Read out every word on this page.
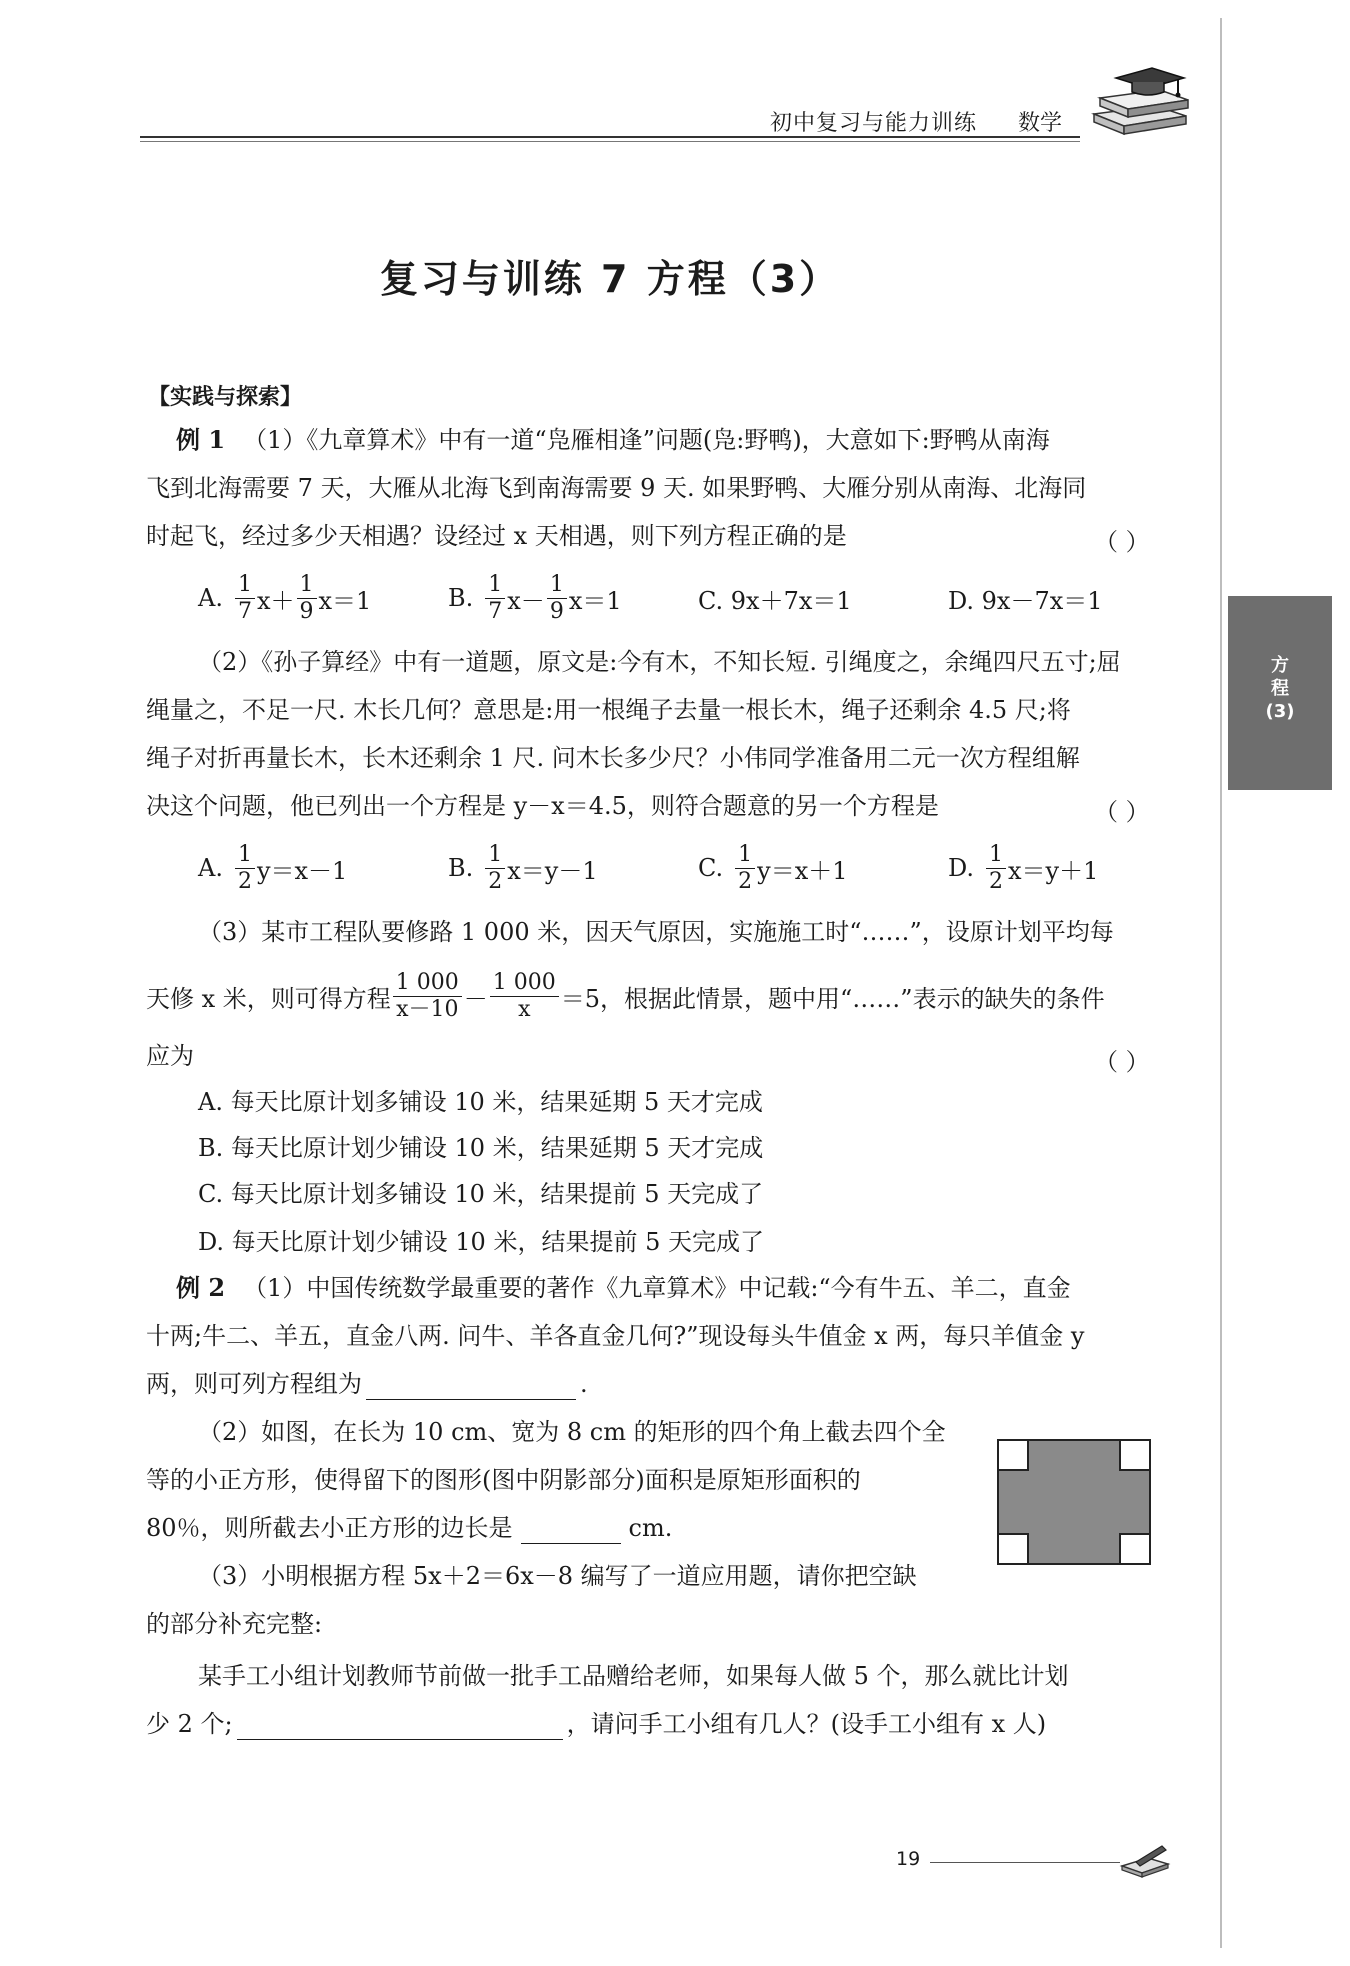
初中复习与能力训练 数学
复习与训练 7 方程（3）
【实践与探索】
方
程
(3)
例 1 （1）《九章算术》中有一道“凫雁相逢”问题(凫:野鸭)，大意如下:野鸭从南海
飞到北海需要 7 天，大雁从北海飞到南海需要 9 天. 如果野鸭、大雁分别从南海、北海同
时起飞，经过多少天相遇？设经过 x 天相遇，则下列方程正确的是	（ ）
A. $\frac{1}{7} x+ \frac{1}{9} x=1$	B. $\frac{1}{7} x- \frac{1}{9} x=1$	C. 9x＋7x＝1	D. 9x－7x＝1
（2）《孙子算经》中有一道题，原文是:今有木，不知长短. 引绳度之，余绳四尺五寸;屈
绳量之，不足一尺. 木长几何？意思是:用一根绳子去量一根长木，绳子还剩余 4.5 尺;将
绳子对折再量长木，长木还剩余 1 尺. 问木长多少尺？小伟同学准备用二元一次方程组解
决这个问题，他已列出一个方程是 y－x＝4.5，则符合题意的另一个方程是	（ ）
A. $\frac{1}{2} y=x-1$	B. $\frac{1}{2} x=y-1$	C. $\frac{1}{2} y=x+1$	D. $\frac{1}{2} x=y+1$
（3）某市工程队要修路 1 000 米，因天气原因，实施施工时“……”，设原计划平均每
天修 x 米，则可得方程 $\frac{1 000}{x-10} - \frac{1 000}{x} =5$，根据此情景，题中用“……”表示的缺失的条件
应为	（ ）
A. 每天比原计划多铺设 10 米，结果延期 5 天才完成
B. 每天比原计划少铺设 10 米，结果延期 5 天才完成
C. 每天比原计划多铺设 10 米，结果提前 5 天完成了
D. 每天比原计划少铺设 10 米，结果提前 5 天完成了
例 2 （1）中国传统数学最重要的著作《九章算术》中记载:“今有牛五、羊二，直金
十两;牛二、羊五，直金八两. 问牛、羊各直金几何?”现设每头牛值金 x 两，每只羊值金 y
两，则可列方程组为	.
（2）如图，在长为 10 cm、宽为 8 cm 的矩形的四个角上截去四个全
等的小正方形，使得留下的图形(图中阴影部分)面积是原矩形面积的
80％，则所截去小正方形的边长是	cm.
（3）小明根据方程 5x＋2＝6x－8 编写了一道应用题，请你把空缺
的部分补充完整:
某手工小组计划教师节前做一批手工品赠给老师，如果每人做 5 个，那么就比计划
少 2 个;	，请问手工小组有几人？(设手工小组有 x 人)
19
